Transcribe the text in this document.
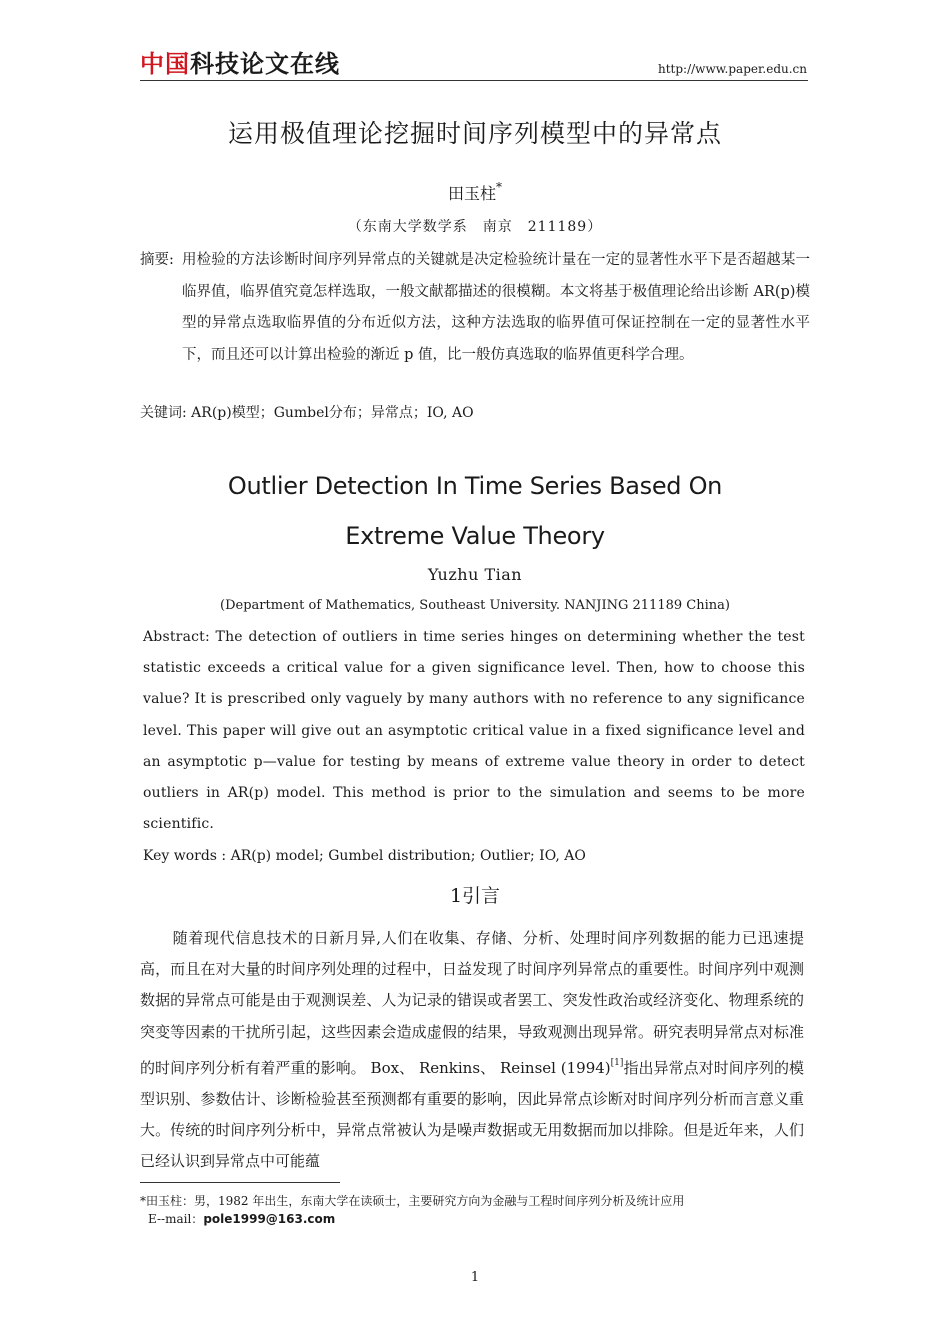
中国科技论文在线	http://www.paper.edu.cn
运用极值理论挖掘时间序列模型中的异常点
田玉柱*
（东南大学数学系　南京　211189）
摘要: 用检验的方法诊断时间序列异常点的关键就是决定检验统计量在一定的显著性水平下是否超越某一临界值，临界值究竟怎样选取，一般文献都描述的很模糊。本文将基于极值理论给出诊断 AR(p)模型的异常点选取临界值的分布近似方法，这种方法选取的临界值可保证控制在一定的显著性水平下，而且还可以计算出检验的渐近 p 值，比一般仿真选取的临界值更科学合理。
关键词: AR(p)模型；Gumbel分布；异常点；IO, AO
Outlier Detection In Time Series Based On
Extreme Value Theory
Yuzhu Tian
(Department of Mathematics, Southeast University. NANJING 211189 China)
Abstract: The detection of outliers in time series hinges on determining whether the test statistic exceeds a critical value for a given significance level. Then, how to choose this value? It is prescribed only vaguely by many authors with no reference to any significance level. This paper will give out an asymptotic critical value in a fixed significance level and an asymptotic p—value for testing by means of extreme value theory in order to detect outliers in AR(p) model. This method is prior to the simulation and seems to be more scientific.
Key words : AR(p) model; Gumbel distribution; Outlier; IO, AO
1引言
随着现代信息技术的日新月异,人们在收集、存储、分析、处理时间序列数据的能力已迅速提高，而且在对大量的时间序列处理的过程中，日益发现了时间序列异常点的重要性。时间序列中观测数据的异常点可能是由于观测误差、人为记录的错误或者罢工、突发性政治或经济变化、物理系统的突变等因素的干扰所引起，这些因素会造成虚假的结果，导致观测出现异常。研究表明异常点对标准的时间序列分析有着严重的影响。 Box、 Renkins、 Reinsel (1994)[1]指出异常点对时间序列的模型识别、参数估计、诊断检验甚至预测都有重要的影响，因此异常点诊断对时间序列分析而言意义重大。传统的时间序列分析中，异常点常被认为是噪声数据或无用数据而加以排除。但是近年来，人们已经认识到异常点中可能蕴
*田玉柱：男，1982 年出生，东南大学在读硕士，主要研究方向为金融与工程时间序列分析及统计应用
E--mail：pole1999@163.com
1
